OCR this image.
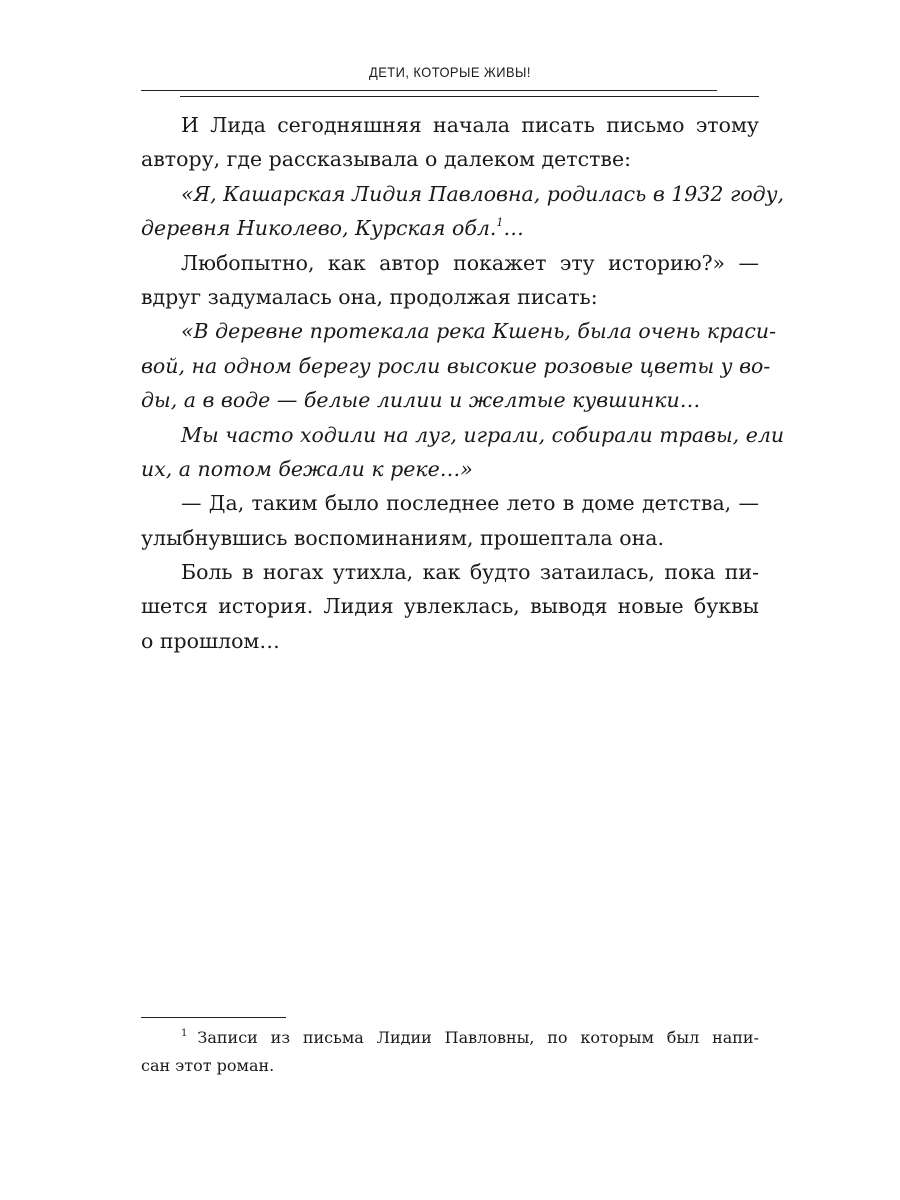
ДЕТИ, КОТОРЫЕ ЖИВЫ!
И Лида сегодняшняя начала писать письмо этому
автору, где рассказывала о далеком детстве:
«Я, Кашарская Лидия Павловна, родилась в 1932 году,
деревня Николево, Курская обл.$^1$…
Любопытно, как автор покажет эту историю?» —
вдруг задумалась она, продолжая писать:
«В деревне протекала река Кшень, была очень краси-
вой, на одном берегу росли высокие розовые цветы у во-
ды, а в воде — белые лилии и желтые кувшинки…
Мы часто ходили на луг, играли, собирали травы, ели
их, а потом бежали к реке…»
— Да, таким было последнее лето в доме детства, —
улыбнувшись воспоминаниям, прошептала она.
Боль в ногах утихла, как будто затаилась, пока пи-
шется история. Лидия увлеклась, выводя новые буквы
о прошлом…
$^1$ Записи из письма Лидии Павловны, по которым был напи-
сан этот роман.
